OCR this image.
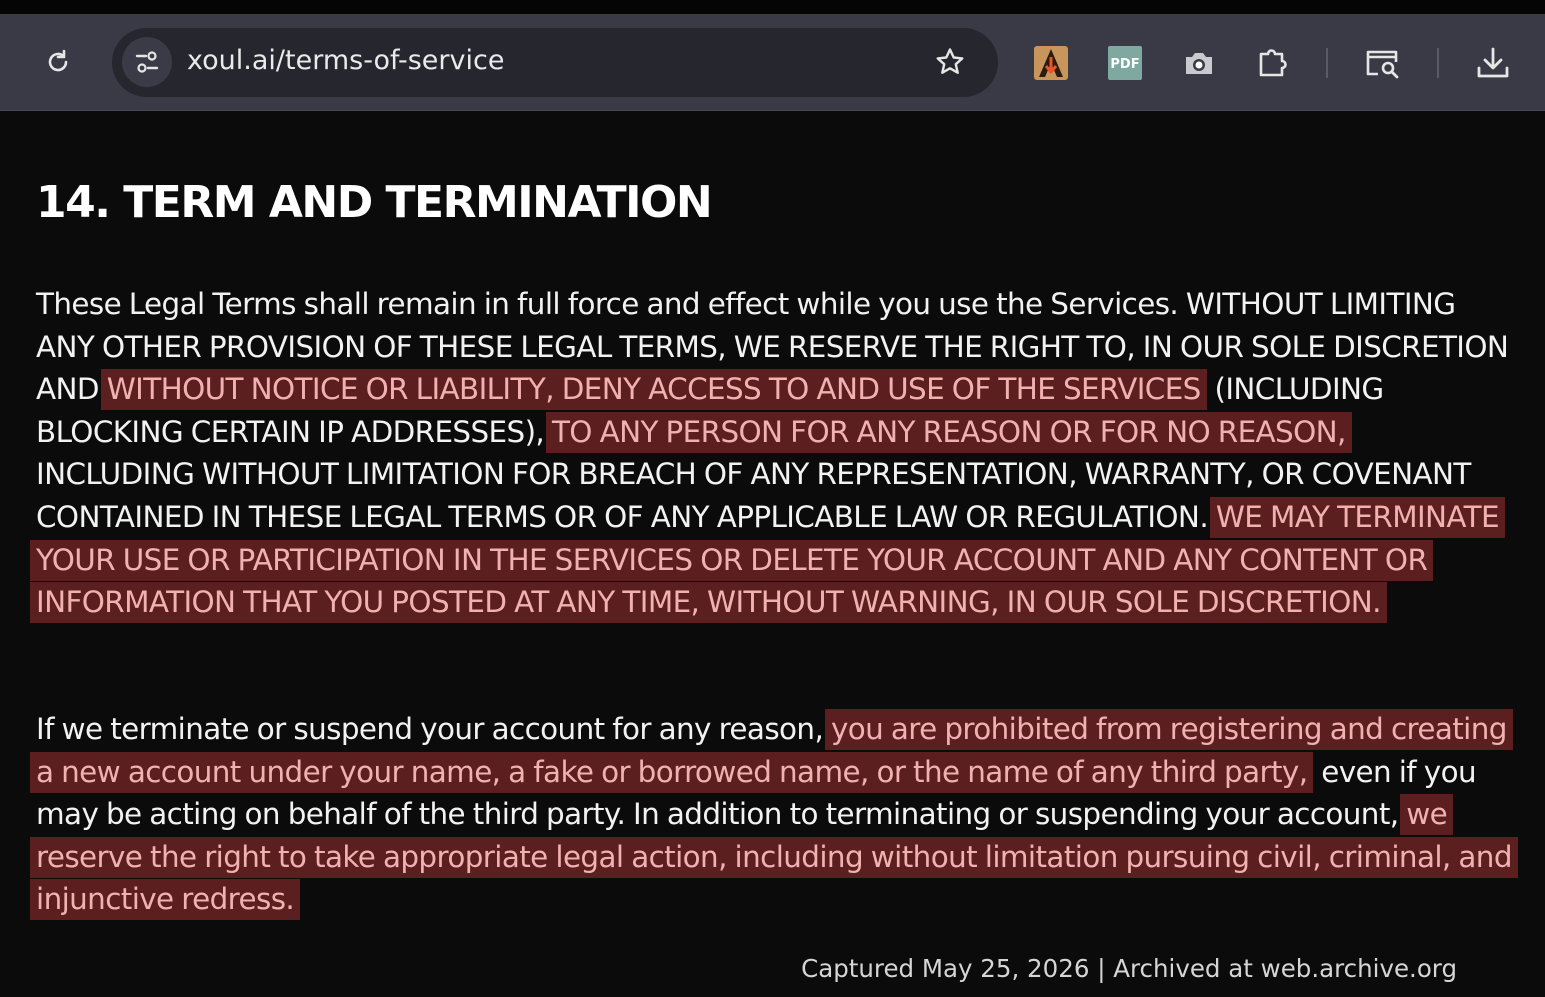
xoul.ai/terms-of-service	PDF
14. TERM AND TERMINATION

These Legal Terms shall remain in full force and effect while you use the Services. WITHOUT LIMITING ANY OTHER PROVISION OF THESE LEGAL TERMS, WE RESERVE THE RIGHT TO, IN OUR SOLE DISCRETION AND WITHOUT NOTICE OR LIABILITY, DENY ACCESS TO AND USE OF THE SERVICES (INCLUDING BLOCKING CERTAIN IP ADDRESSES), TO ANY PERSON FOR ANY REASON OR FOR NO REASON, INCLUDING WITHOUT LIMITATION FOR BREACH OF ANY REPRESENTATION, WARRANTY, OR COVENANT CONTAINED IN THESE LEGAL TERMS OR OF ANY APPLICABLE LAW OR REGULATION. WE MAY TERMINATE YOUR USE OR PARTICIPATION IN THE SERVICES OR DELETE YOUR ACCOUNT AND ANY CONTENT OR INFORMATION THAT YOU POSTED AT ANY TIME, WITHOUT WARNING, IN OUR SOLE DISCRETION.

If we terminate or suspend your account for any reason, you are prohibited from registering and creating a new account under your name, a fake or borrowed name, or the name of any third party, even if you may be acting on behalf of the third party. In addition to terminating or suspending your account, we reserve the right to take appropriate legal action, including without limitation pursuing civil, criminal, and injunctive redress.

Captured May 25, 2026 | Archived at web.archive.org
